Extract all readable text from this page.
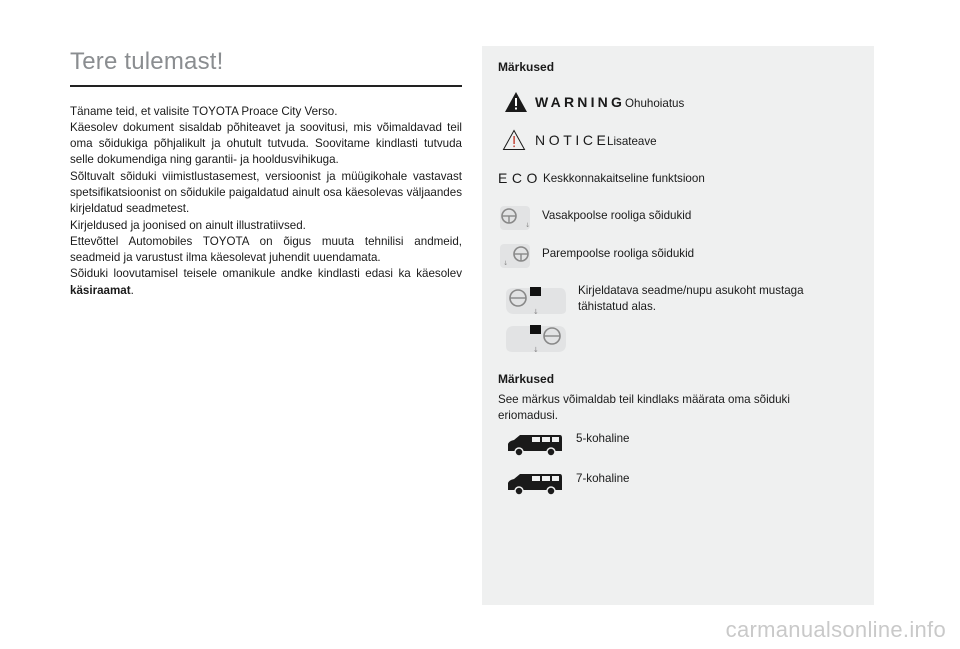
Tere tulemast!

Täname teid, et valisite TOYOTA Proace City Verso.

Käesolev dokument sisaldab põhiteavet ja soovitusi, mis võimaldavad teil oma sõidukiga põhjalikult ja ohutult tutvuda. Soovitame kindlasti tutvuda selle dokumendiga ning garantii- ja hooldusvihikuga.

Sõltuvalt sõiduki viimistlustasemest, versioonist ja müügikohale vastavast spetsifikatsioonist on sõidukile paigaldatud ainult osa käesolevas väljaandes kirjeldatud seadmetest.

Kirjeldused ja joonised on ainult illustratiivsed.

Ettevõttel Automobiles TOYOTA on õigus muuta tehnilisi andmeid, seadmeid ja varustust ilma käesolevat juhendit uuendamata.

Sõiduki loovutamisel teisele omanikule andke kindlasti edasi ka käesolev käsiraamat.

Märkused
WARNING Ohuhoiatus
NOTICE
Lisateave
ECO Keskkonnakaitseline funktsioon
↓
Vasakpoolse rooliga sõidukid
↓
Parempoolse rooliga sõidukid
↓
↓
Kirjeldatava seadme/nupu asukoht mustaga tähistatud alas.
Märkused
See märkus võimaldab teil kindlaks määrata oma sõiduki eriomadusi.
5-kohaline
7-kohaline
carmanualsonline.info
